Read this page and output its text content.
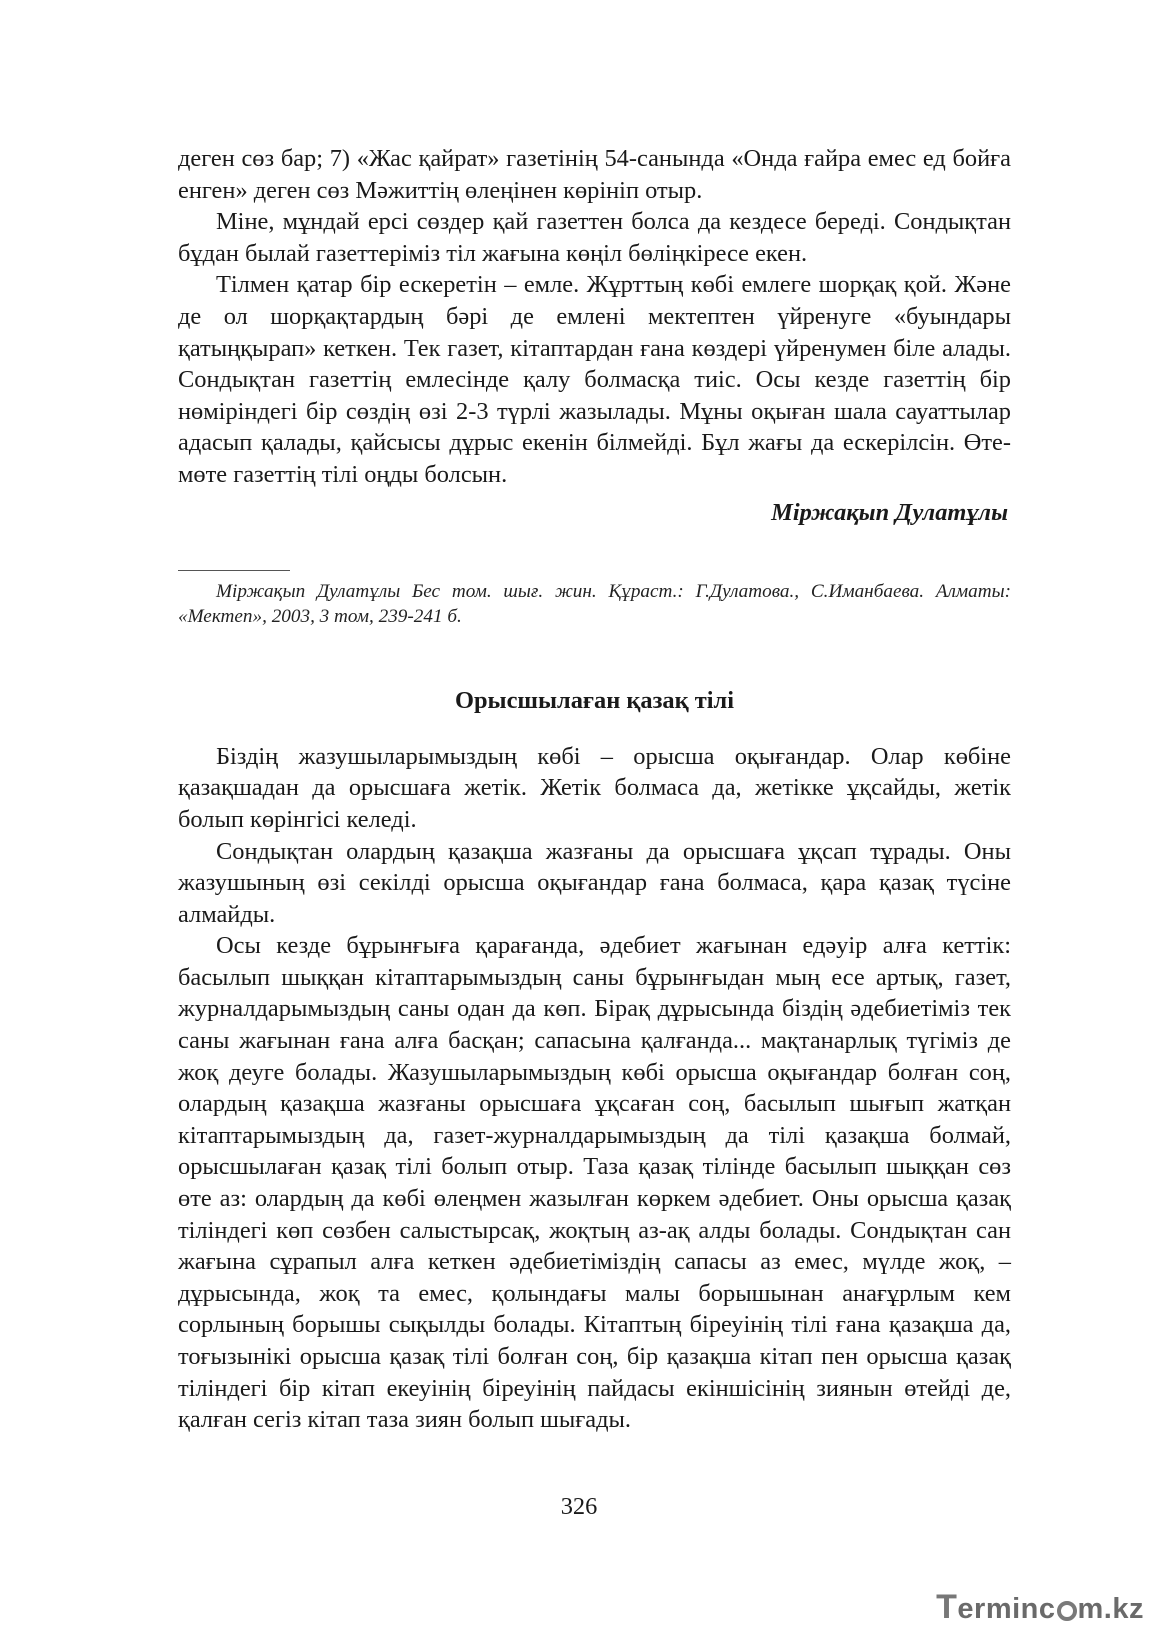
деген сөз бар; 7) «Жас қайрат» газетінің 54-санында «Онда ғайра емес ед бойға енген» деген сөз Мәжиттің өлеңінен көрініп отыр.

Міне, мұндай ерсі сөздер қай газеттен болса да кездесе береді. Сондықтан бұдан былай газеттеріміз тіл жағына көңіл бөліңкіресе екен.

Тілмен қатар бір ескеретін – емле. Жұрттың көбі емлеге шорқақ қой. Және де ол шорқақтардың бәрі де емлені мектептен үйренуге «буындары қатыңқырап» кеткен. Тек газет, кітаптардан ғана көздері үйренумен біле алады. Сондықтан газеттің емлесінде қалу болмасқа тиіс. Осы кезде газеттің бір нөміріндегі бір сөздің өзі 2-3 түрлі жазылады. Мұны оқыған шала сауаттылар адасып қалады, қайсысы дұрыс екенін білмейді. Бұл жағы да ескерілсін. Өте-мөте газеттің тілі оңды болсын.

Міржақып Дулатұлы

Міржақып Дулатұлы Бес том. шығ. жин. Құраст.: Г.Дулатова., С.Иманбаева. Алматы: «Мектеп», 2003, 3 том, 239-241 б.

Орысшылаған қазақ тілі

Біздің жазушыларымыздың көбі – орысша оқығандар. Олар көбіне қазақшадан да орысшаға жетік. Жетік болмаса да, жетікке ұқсайды, жетік болып көрінгісі келеді.

Сондықтан олардың қазақша жазғаны да орысшаға ұқсап тұрады. Оны жазушының өзі секілді орысша оқығандар ғана болмаса, қара қазақ түсіне алмайды.

Осы кезде бұрынғыға қарағанда, әдебиет жағынан едәуір алға кеттік: басылып шыққан кітаптарымыздың саны бұрынғыдан мың есе артық, газет, журналдарымыздың саны одан да көп. Бірақ дұрысында біздің әдебиетіміз тек саны жағынан ғана алға басқан; сапасына қалғанда... мақтанарлық түгіміз де жоқ деуге болады. Жазушыларымыздың көбі орысша оқығандар болған соң, олардың қазақша жазғаны орысшаға ұқсаған соң, басылып шығып жатқан кітаптарымыздың да, газет-журналдарымыздың да тілі қазақша болмай, орысшылаған қазақ тілі болып отыр. Таза қазақ тілінде басылып шыққан сөз өте аз: олардың да көбі өлеңмен жазылған көркем әдебиет. Оны орысша қазақ тіліндегі көп сөзбен салыстырсақ, жоқтың аз-ақ алды болады. Сондықтан сан жағына сұрапыл алға кеткен әдебиетіміздің сапасы аз емес, мүлде жоқ, – дұрысында, жоқ та емес, қолындағы малы борышынан анағұрлым кем сорлының борышы сықылды болады. Кітаптың біреуінің тілі ғана қазақша да, тоғызынікі орысша қазақ тілі болған соң, бір қазақша кітап пен орысша қазақ тіліндегі бір кітап екеуінің біреуінің пайдасы екіншісінің зиянын өтейді де, қалған сегіз кітап таза зиян болып шығады.

326
T erminc m.kz
